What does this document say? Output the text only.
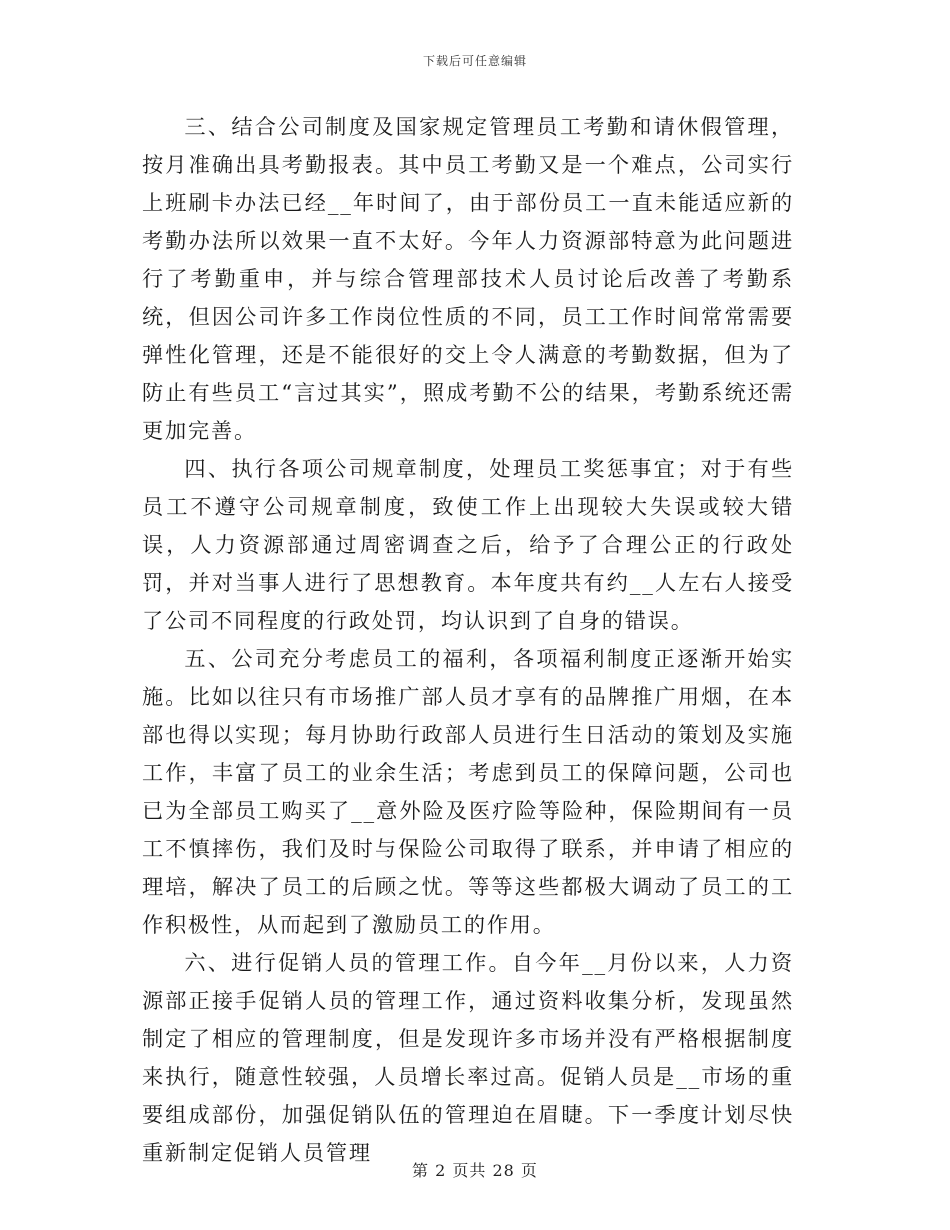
下载后可任意编辑

三、结合公司制度及国家规定管理员工考勤和请休假管理，按月准确出具考勤报表。其中员工考勤又是一个难点，公司实行上班刷卡办法已经__年时间了，由于部份员工一直未能适应新的考勤办法所以效果一直不太好。今年人力资源部特意为此问题进行了考勤重申，并与综合管理部技术人员讨论后改善了考勤系统，但因公司许多工作岗位性质的不同，员工工作时间常常需要弹性化管理，还是不能很好的交上令人满意的考勤数据，但为了防止有些员工“言过其实”，照成考勤不公的结果，考勤系统还需更加完善。

四、执行各项公司规章制度，处理员工奖惩事宜；对于有些员工不遵守公司规章制度，致使工作上出现较大失误或较大错误，人力资源部通过周密调查之后，给予了合理公正的行政处罚，并对当事人进行了思想教育。本年度共有约__人左右人接受了公司不同程度的行政处罚，均认识到了自身的错误。

五、公司充分考虑员工的福利，各项福利制度正逐渐开始实施。比如以往只有市场推广部人员才享有的品牌推广用烟，在本部也得以实现；每月协助行政部人员进行生日活动的策划及实施工作，丰富了员工的业余生活；考虑到员工的保障问题，公司也已为全部员工购买了__意外险及医疗险等险种，保险期间有一员工不慎摔伤，我们及时与保险公司取得了联系，并申请了相应的理培，解决了员工的后顾之忧。等等这些都极大调动了员工的工作积极性，从而起到了激励员工的作用。

六、进行促销人员的管理工作。自今年__月份以来，人力资源部正接手促销人员的管理工作，通过资料收集分析，发现虽然制定了相应的管理制度，但是发现许多市场并没有严格根据制度来执行，随意性较强，人员增长率过高。促销人员是__市场的重要组成部份，加强促销队伍的管理迫在眉睫。下一季度计划尽快重新制定促销人员管理

第 2 页共 28 页
